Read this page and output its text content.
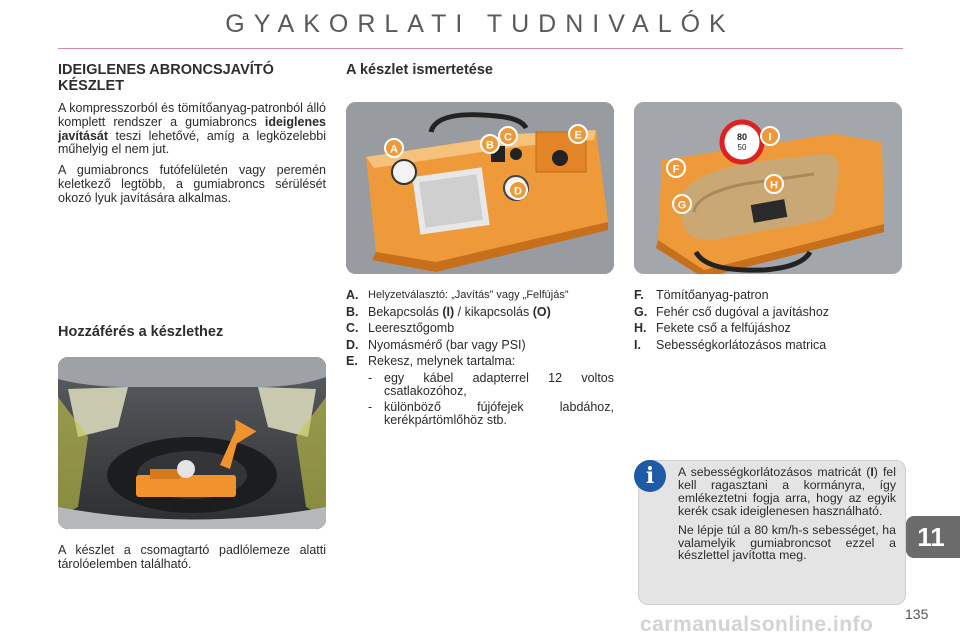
GYAKORLATI TUDNIVALÓK
IDEIGLENES ABRONCSJAVÍTÓ KÉSZLET

A kompresszorból és tömítőanyag-patronból álló komplett rendszer a gumiabroncs ideiglenes javítását teszi lehetővé, amíg a legközelebbi műhelyig el nem jut.

A gumiabroncs futófelületén vagy peremén keletkező legtöbb, a gumiabroncs sérülését okozó lyuk javítására alkalmas.

Hozzáférés a készlethez

A készlet a csomagtartó padlólemeze alatti tárolóelemben található.

A készlet ismertetése
A	B
C
D
E	80
50
F
G
H
I
A. Helyzetválasztó: „Javítás” vagy „Felfújás”
B. Bekapcsolás (I) / kikapcsolás (O)
C. Leeresztőgomb
D. Nyomásmérő (bar vagy PSI)
E. Rekesz, melynek tartalma:
- egy kábel adapterrel 12 voltos csatlakozóhoz,
- különböző fújófejek labdához, kerékpártömlőhöz stb.
F. Tömítőanyag-patron
G. Fehér cső dugóval a javításhoz
H. Fekete cső a felfújáshoz
I.	Sebességkorlátozásos matrica
i	A sebességkorlátozásos matricát (I) fel kell ragasztani a kormányra, így emlékeztetni fogja arra, hogy az egyik kerék csak ideiglenesen használható.

Ne lépje túl a 80 km/h-s sebességet, ha valamelyik gumiabroncsot ezzel a készlettel javította meg.

11
135
carmanualsonline.info
